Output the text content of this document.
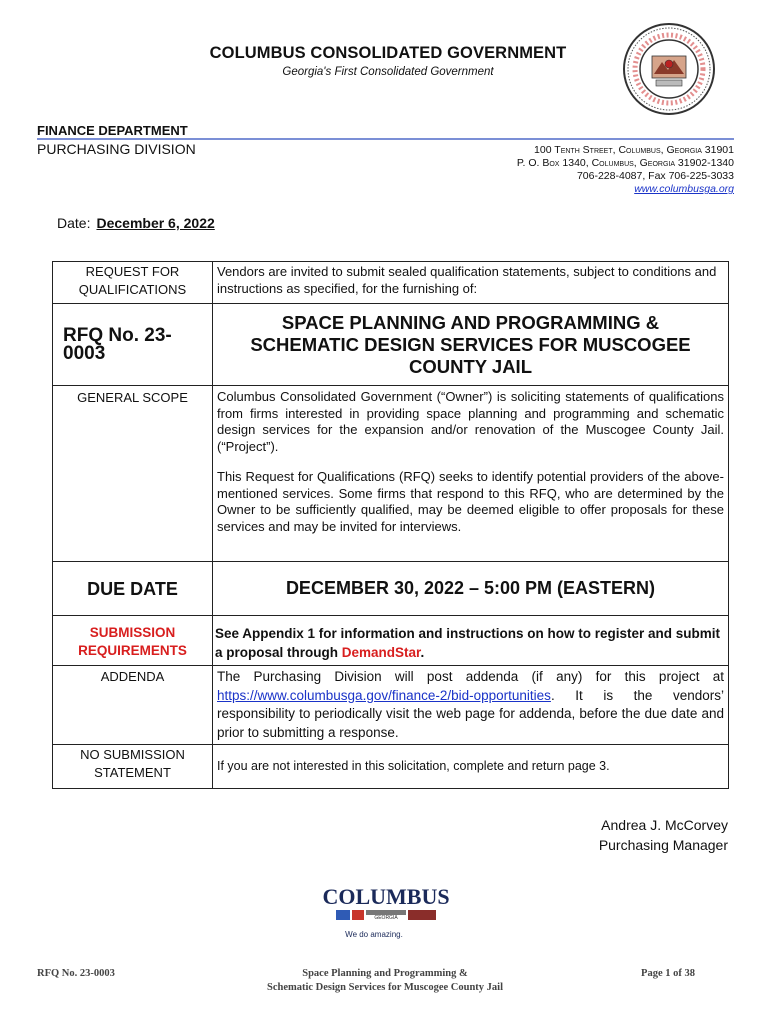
COLUMBUS CONSOLIDATED GOVERNMENT
Georgia's First Consolidated Government
FINANCE DEPARTMENT
PURCHASING DIVISION	100 Tenth Street, Columbus, Georgia 31901
P. O. Box 1340, Columbus, Georgia 31902-1340
706-228-4087, Fax 706-225-3033
www.columbusga.org
Date: December 6, 2022
REQUEST FOR QUALIFICATIONS	Vendors are invited to submit sealed qualification statements, subject to conditions and instructions as specified, for the furnishing of:
RFQ No. 23-0003	SPACE PLANNING AND PROGRAMMING & SCHEMATIC DESIGN SERVICES FOR MUSCOGEE COUNTY JAIL

GENERAL SCOPE	Columbus Consolidated Government (“Owner”) is soliciting statements of qualifications from firms interested in providing space planning and programming and schematic design services for the expansion and/or renovation of the Muscogee County Jail. (“Project”).

This Request for Qualifications (RFQ) seeks to identify potential providers of the above-mentioned services. Some firms that respond to this RFQ, who are determined by the Owner to be sufficiently qualified, may be deemed eligible to offer proposals for these services and may be invited for interviews.

DUE DATE	DECEMBER 30, 2022 – 5:00 PM (EASTERN)
SUBMISSION REQUIREMENTS	See Appendix 1 for information and instructions on how to register and submit a proposal through DemandStar.
ADDENDA	The Purchasing Division will post addenda (if any) for this project at https://www.columbusga.gov/finance-2/bid-opportunities. It is the vendors’ responsibility to periodically visit the web page for addenda, before the due date and prior to submitting a response.
NO SUBMISSION STATEMENT	If you are not interested in this solicitation, complete and return page 3.
Andrea J. McCorvey
Purchasing Manager
COLUMBUS
GEORGIA
We do amazing.
RFQ No. 23-0003	Space Planning and Programming &
Schematic Design Services for Muscogee County Jail
Page 1 of 38
